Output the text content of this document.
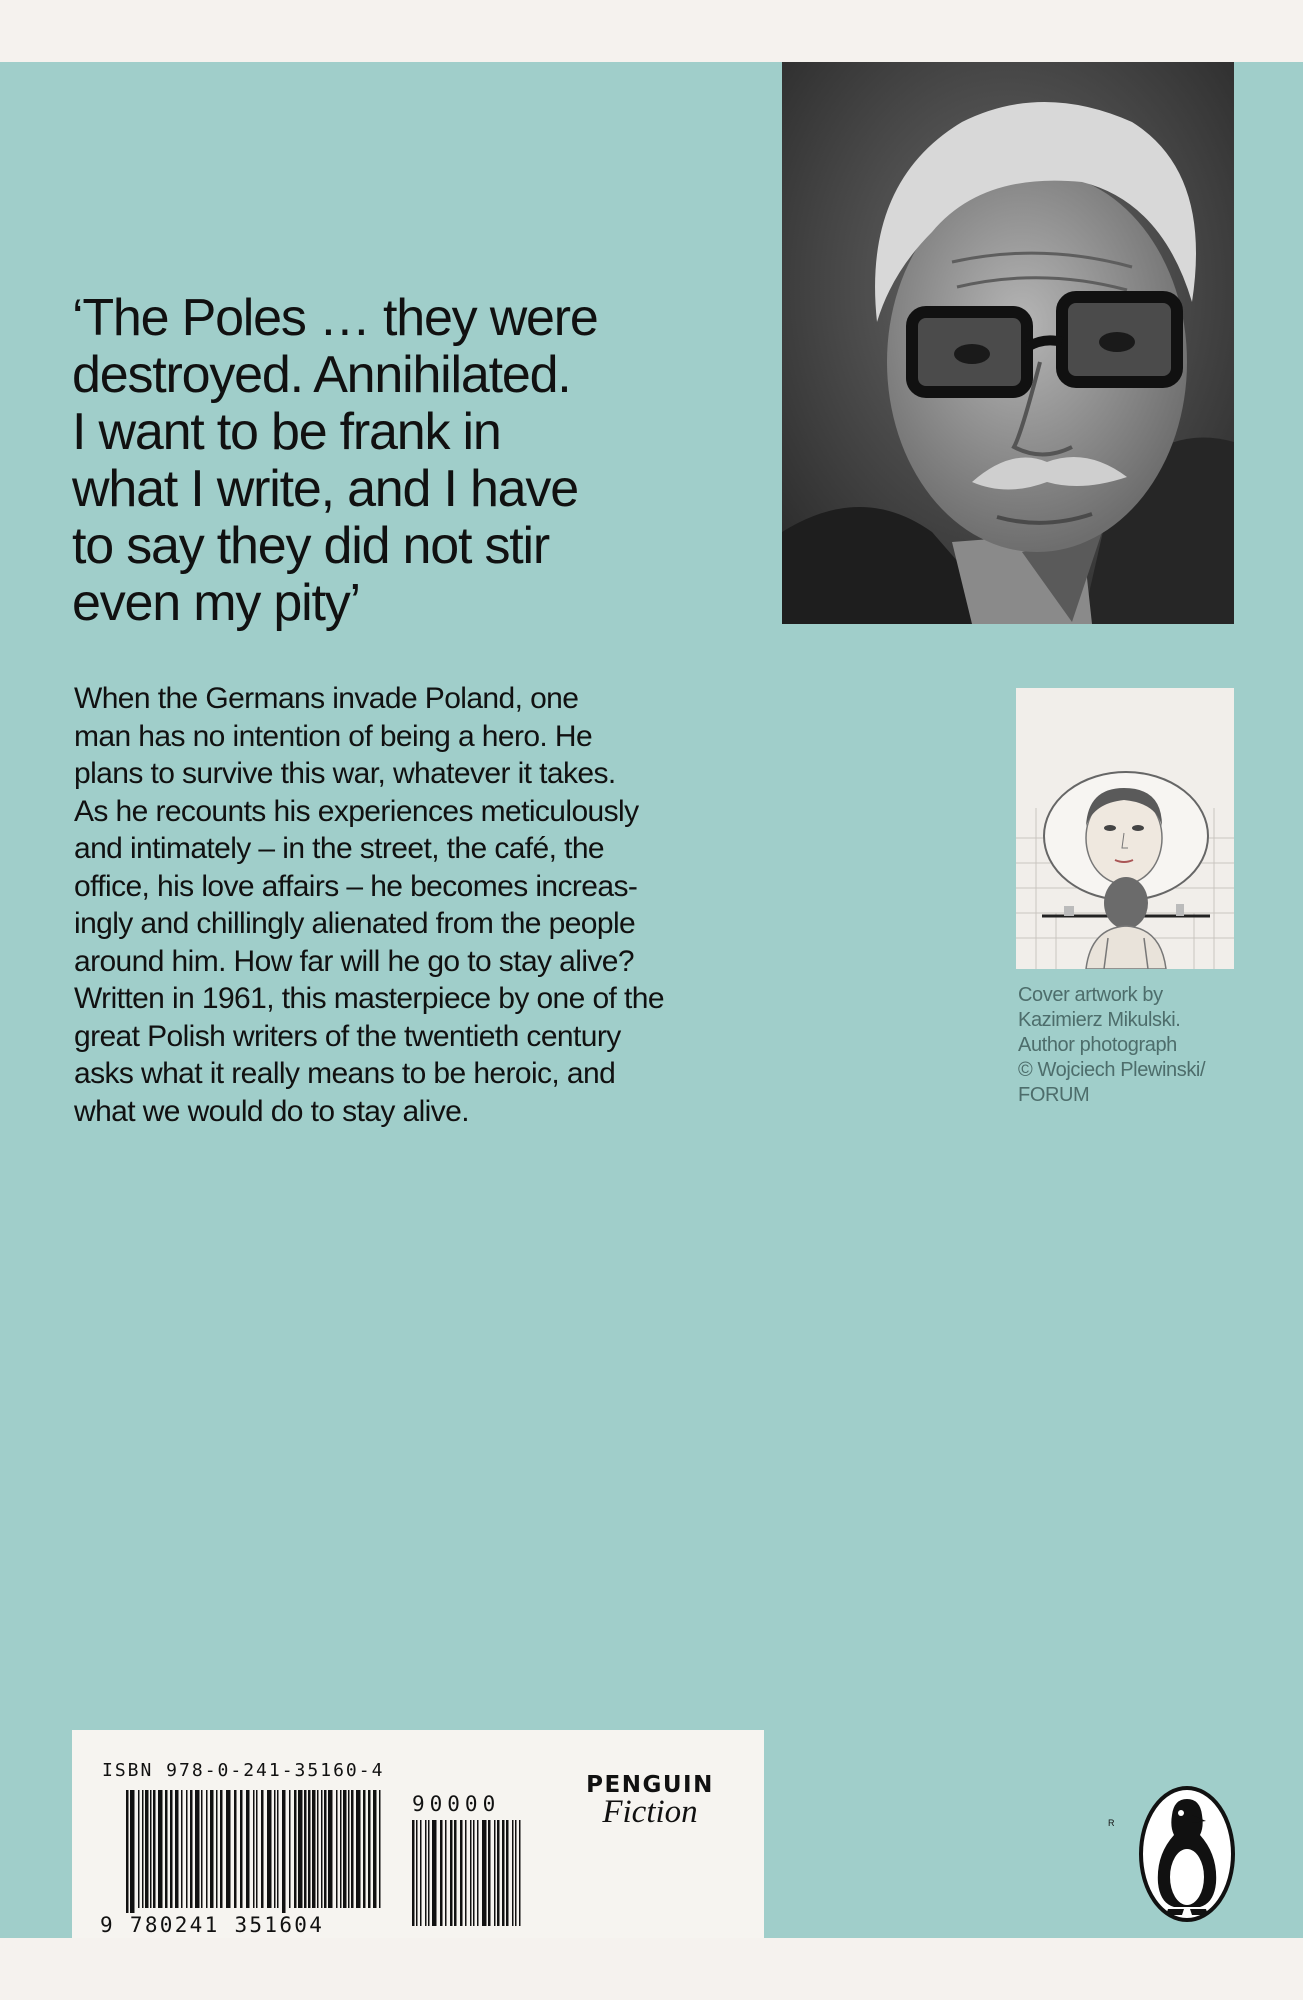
‘The Poles … they were
destroyed. Annihilated.
I want to be frank in
what I write, and I have
to say they did not stir
even my pity’

When the Germans invade Poland, one
man has no intention of being a hero. He
plans to survive this war, whatever it takes.
As he recounts his experiences meticulously
and intimately – in the street, the café, the
office, his love affairs – he becomes increas-
ingly and chillingly alienated from the people
around him. How far will he go to stay alive?
Written in 1961, this masterpiece by one of the
great Polish writers of the twentieth century
asks what it really means to be heroic, and
what we would do to stay alive.

Cover artwork by
Kazimierz Mikulski.
Author photograph
© Wojciech Plewinski/
FORUM

ISBN 978-0-241-35160-4
9 780241 351604
90000
PENGUIN
Fiction	R
